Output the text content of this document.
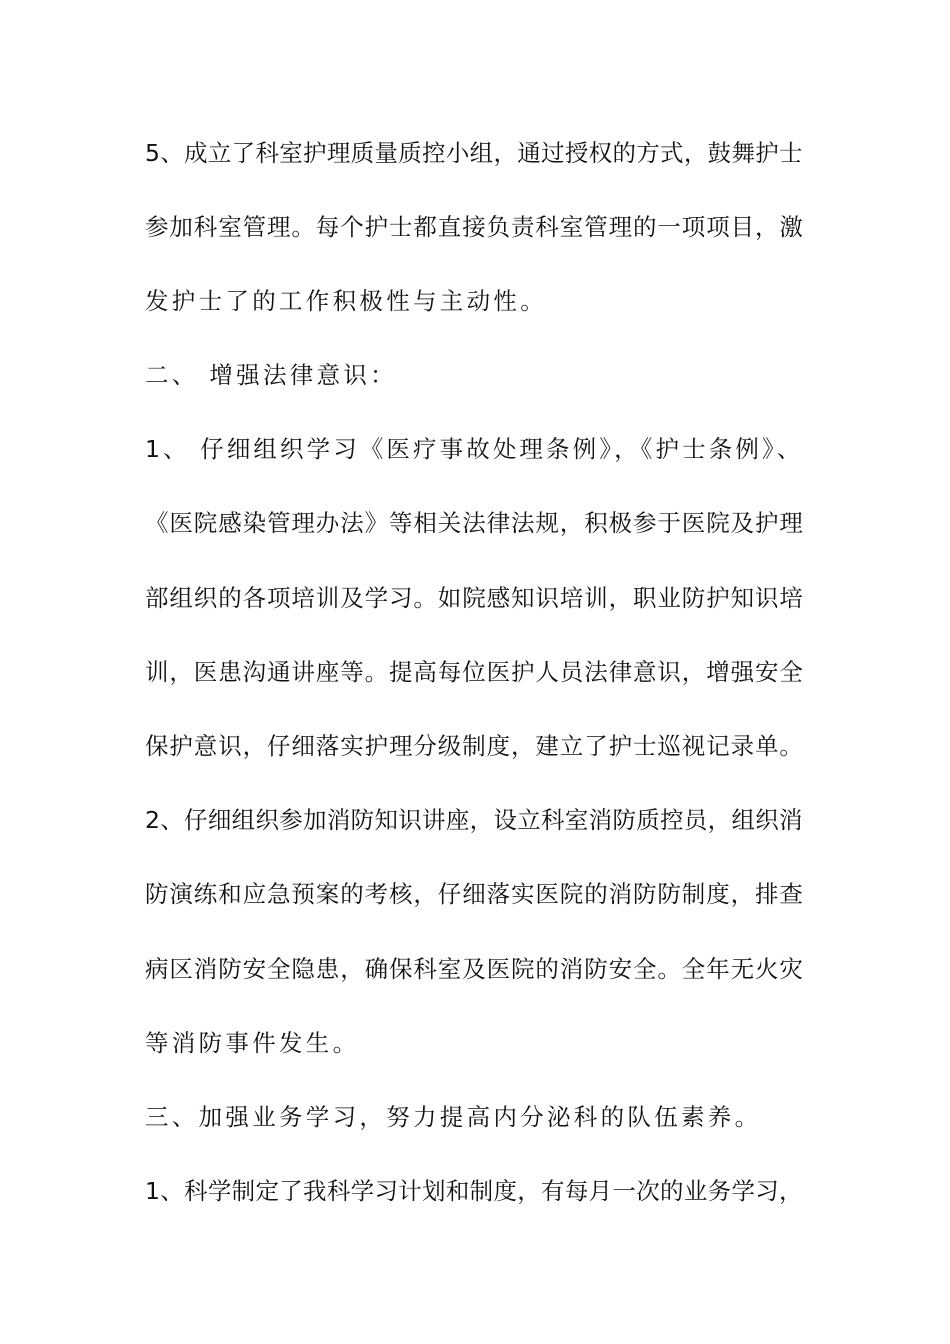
5、成立了科室护理质量质控小组，通过授权的方式，鼓舞护士
参加科室管理。每个护士都直接负责科室管理的一项项目，激
发护士了的工作积极性与主动性。
二、 增强法律意识：
1、 仔细组织学习《医疗事故处理条例》，《护士条例》、
《医院感染管理办法》等相关法律法规，积极参于医院及护理
部组织的各项培训及学习。如院感知识培训，职业防护知识培
训，医患沟通讲座等。提高每位医护人员法律意识，增强安全
保护意识，仔细落实护理分级制度，建立了护士巡视记录单。
2、仔细组织参加消防知识讲座，设立科室消防质控员，组织消
防演练和应急预案的考核，仔细落实医院的消防防制度，排查
病区消防安全隐患，确保科室及医院的消防安全。全年无火灾
等消防事件发生。
三、加强业务学习，努力提高内分泌科的队伍素养。
1、科学制定了我科学习计划和制度，有每月一次的业务学习，
